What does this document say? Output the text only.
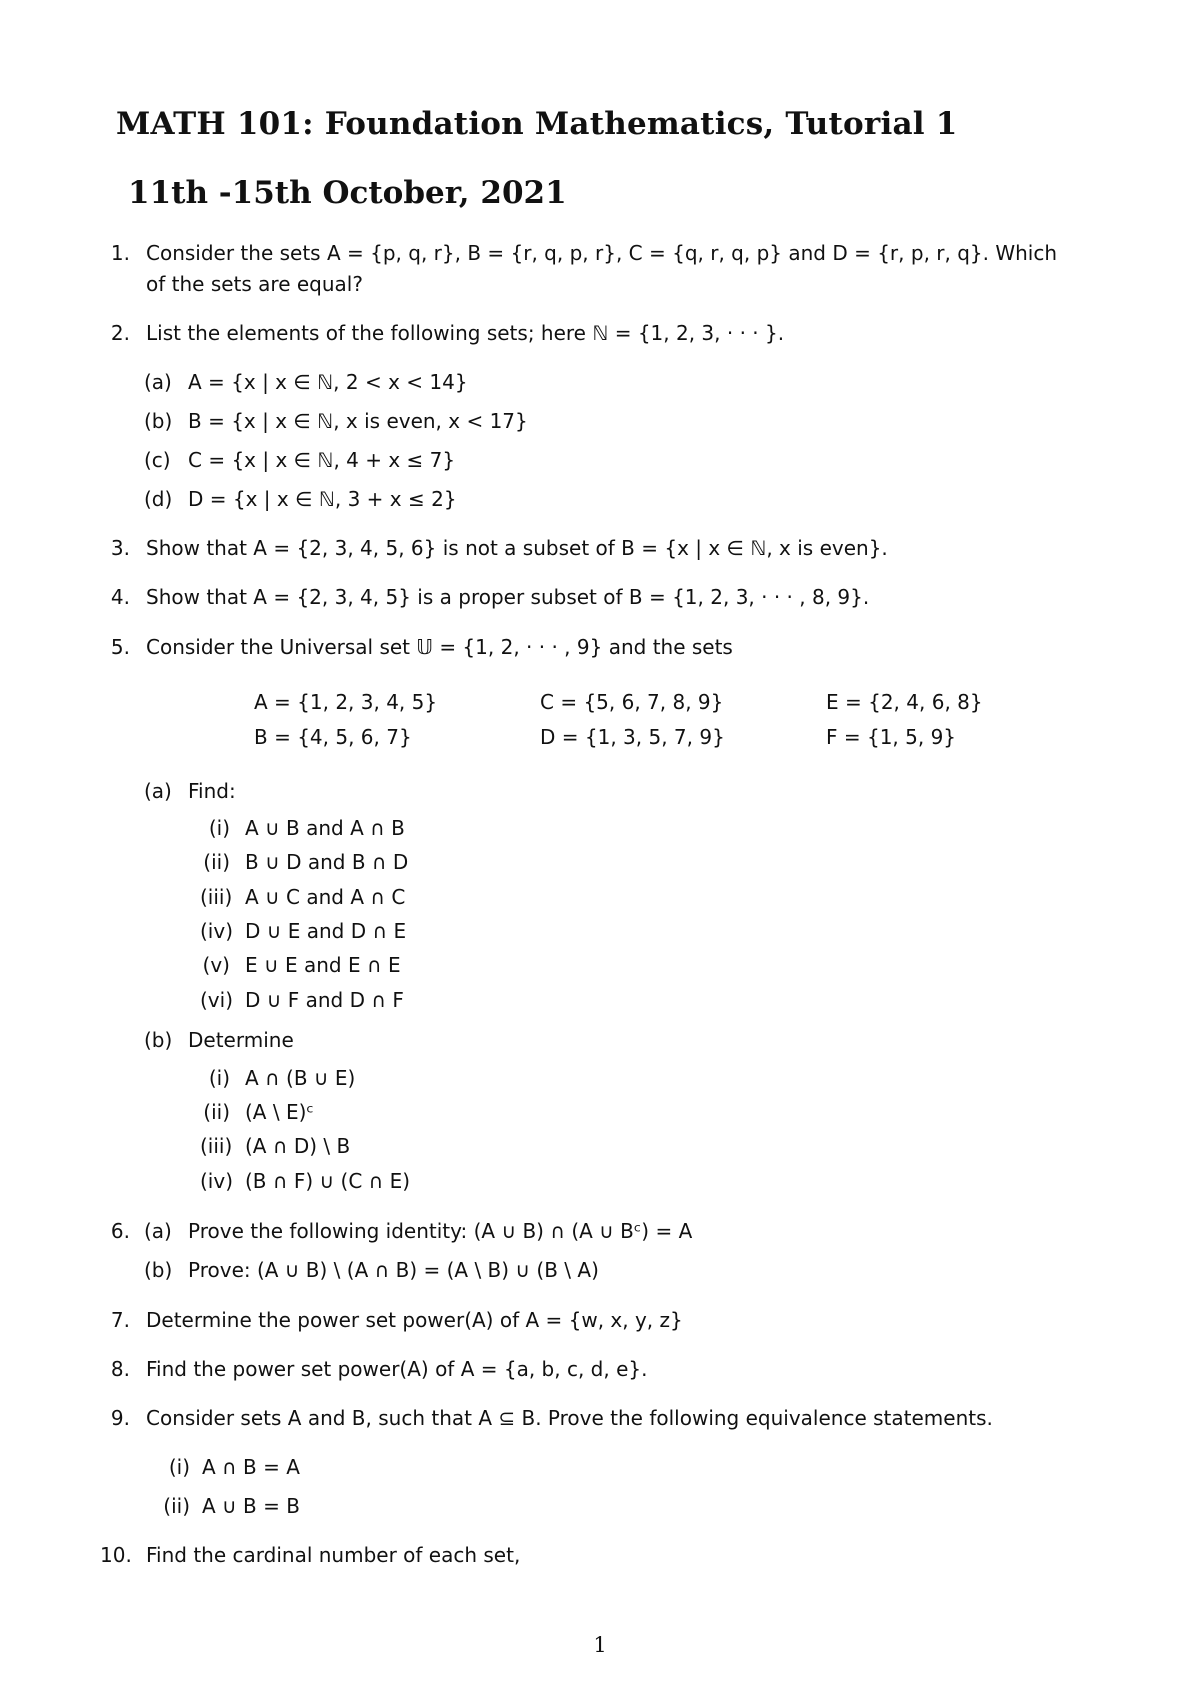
MATH 101: Foundation Mathematics, Tutorial 1
11th -15th October, 2021
1. Consider the sets A = {p, q, r}, B = {r, q, p, r}, C = {q, r, q, p} and D = {r, p, r, q}. Which
of the sets are equal?
2. List the elements of the following sets; here ℕ = {1, 2, 3, · · · }.
(a) A = {x | x ∈ ℕ, 2 < x < 14}
(b) B = {x | x ∈ ℕ, x is even, x < 17}
(c) C = {x | x ∈ ℕ, 4 + x ≤ 7}
(d) D = {x | x ∈ ℕ, 3 + x ≤ 2}
3. Show that A = {2, 3, 4, 5, 6} is not a subset of B = {x | x ∈ ℕ, x is even}.
4. Show that A = {2, 3, 4, 5} is a proper subset of B = {1, 2, 3, · · · , 8, 9}.
5. Consider the Universal set 𝕌 = {1, 2, · · · , 9} and the sets
A = {1, 2, 3, 4, 5}	C = {5, 6, 7, 8, 9}	E = {2, 4, 6, 8}
B = {4, 5, 6, 7}	D = {1, 3, 5, 7, 9}	F = {1, 5, 9}
(a) Find:
(i) A ∪ B and A ∩ B
(ii) B ∪ D and B ∩ D
(iii) A ∪ C and A ∩ C
(iv) D ∪ E and D ∩ E
(v) E ∪ E and E ∩ E
(vi) D ∪ F and D ∩ F
(b) Determine
(i) A ∩ (B ∪ E)
(ii) (A \ E)ᶜ
(iii) (A ∩ D) \ B
(iv) (B ∩ F) ∪ (C ∩ E)
6. (a) Prove the following identity: (A ∪ B) ∩ (A ∪ Bᶜ) = A
(b) Prove: (A ∪ B) \ (A ∩ B) = (A \ B) ∪ (B \ A)
7. Determine the power set power(A) of A = {w, x, y, z}
8. Find the power set power(A) of A = {a, b, c, d, e}.
9. Consider sets A and B, such that A ⊆ B. Prove the following equivalence statements.
(i) A ∩ B = A
(ii) A ∪ B = B
10. Find the cardinal number of each set,
1
